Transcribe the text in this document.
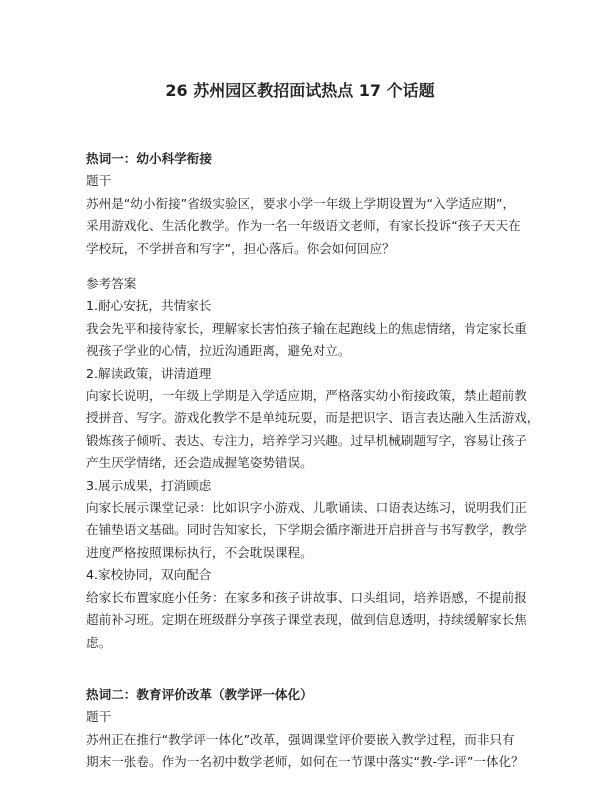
26 苏州园区教招面试热点 17 个话题

热词一：幼小科学衔接

题干

苏州是“幼小衔接”省级实验区，要求小学一年级上学期设置为“入学适应期”，
采用游戏化、生活化教学。作为一名一年级语文老师，有家长投诉“孩子天天在
学校玩，不学拼音和写字”，担心落后。你会如何回应？

参考答案

1.耐心安抚，共情家长

我会先平和接待家长，理解家长害怕孩子输在起跑线上的焦虑情绪，肯定家长重
视孩子学业的心情，拉近沟通距离，避免对立。

2.解读政策，讲清道理

向家长说明，一年级上学期是入学适应期，严格落实幼小衔接政策，禁止超前教
授拼音、写字。游戏化教学不是单纯玩耍，而是把识字、语言表达融入生活游戏，
锻炼孩子倾听、表达、专注力，培养学习兴趣。过早机械刷题写字，容易让孩子
产生厌学情绪，还会造成握笔姿势错误。

3.展示成果，打消顾虑

向家长展示课堂记录：比如识字小游戏、儿歌诵读、口语表达练习，说明我们正
在铺垫语文基础。同时告知家长，下学期会循序渐进开启拼音与书写教学，教学
进度严格按照课标执行，不会耽误课程。

4.家校协同，双向配合

给家长布置家庭小任务：在家多和孩子讲故事、口头组词，培养语感，不提前报
超前补习班。定期在班级群分享孩子课堂表现，做到信息透明，持续缓解家长焦
虑。

热词二：教育评价改革（教学评一体化）

题干

苏州正在推行“教学评一体化”改革，强调课堂评价要嵌入教学过程，而非只有
期末一张卷。作为一名初中数学老师，如何在一节课中落实“教-学-评”一体化？
